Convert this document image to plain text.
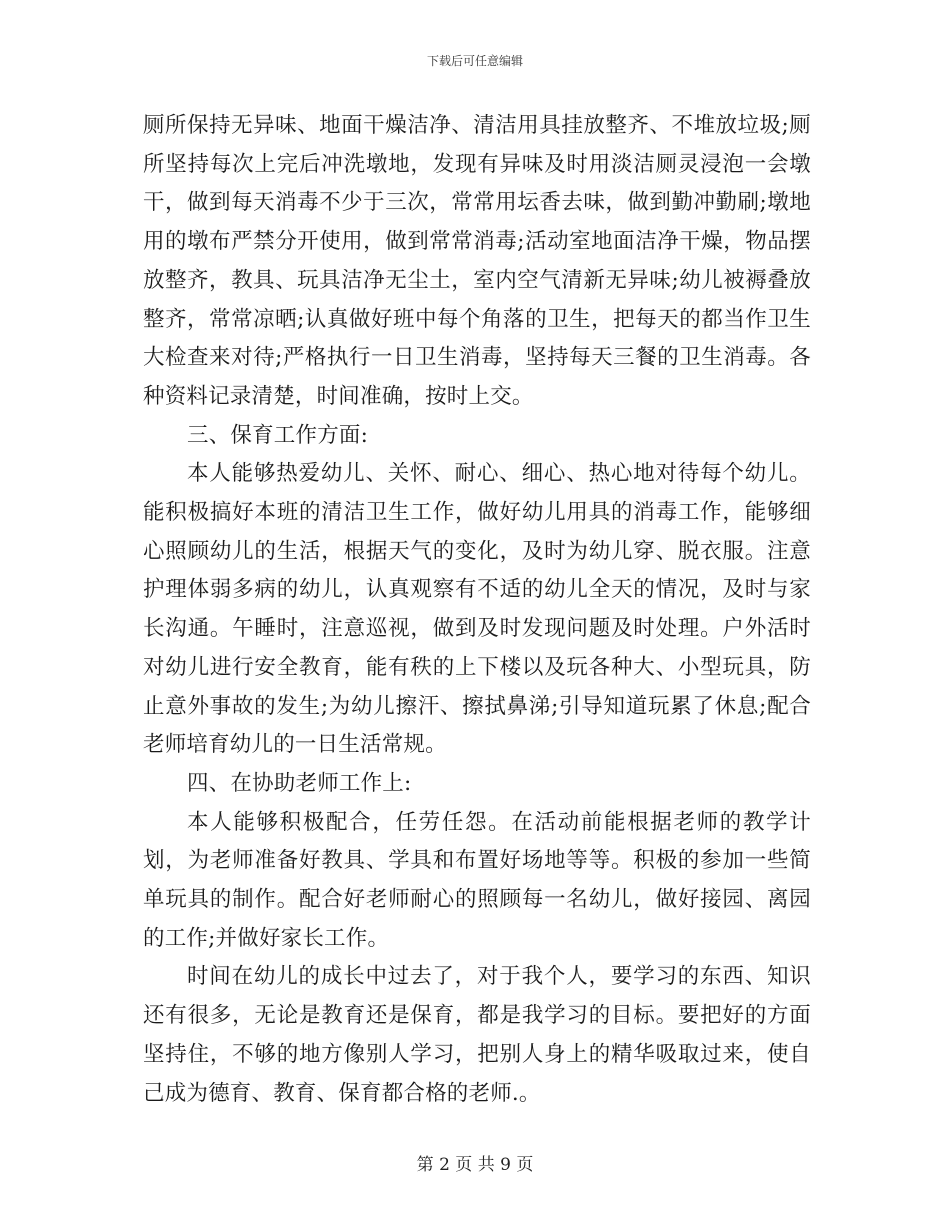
下载后可任意编辑

厕所保持无异味、地面干燥洁净、清洁用具挂放整齐、不堆放垃圾;厕所坚持每次上完后冲洗墩地，发现有异味及时用淡洁厕灵浸泡一会墩干，做到每天消毒不少于三次，常常用坛香去味，做到勤冲勤刷;墩地用的墩布严禁分开使用，做到常常消毒;活动室地面洁净干燥，物品摆放整齐，教具、玩具洁净无尘土，室内空气清新无异味;幼儿被褥叠放整齐，常常凉晒;认真做好班中每个角落的卫生，把每天的都当作卫生大检查来对待;严格执行一日卫生消毒，坚持每天三餐的卫生消毒。各种资料记录清楚，时间准确，按时上交。

三、保育工作方面:

本人能够热爱幼儿、关怀、耐心、细心、热心地对待每个幼儿。能积极搞好本班的清洁卫生工作，做好幼儿用具的消毒工作，能够细心照顾幼儿的生活，根据天气的变化，及时为幼儿穿、脱衣服。注意护理体弱多病的幼儿，认真观察有不适的幼儿全天的情况，及时与家长沟通。午睡时，注意巡视，做到及时发现问题及时处理。户外活时对幼儿进行安全教育，能有秩的上下楼以及玩各种大、小型玩具，防止意外事故的发生;为幼儿擦汗、擦拭鼻涕;引导知道玩累了休息;配合老师培育幼儿的一日生活常规。

四、在协助老师工作上:

本人能够积极配合，任劳任怨。在活动前能根据老师的教学计划，为老师准备好教具、学具和布置好场地等等。积极的参加一些简单玩具的制作。配合好老师耐心的照顾每一名幼儿，做好接园、离园的工作;并做好家长工作。

时间在幼儿的成长中过去了，对于我个人，要学习的东西、知识还有很多，无论是教育还是保育，都是我学习的目标。要把好的方面坚持住，不够的地方像别人学习，把别人身上的精华吸取过来，使自己成为德育、教育、保育都合格的老师.。

第 2 页 共 9 页
